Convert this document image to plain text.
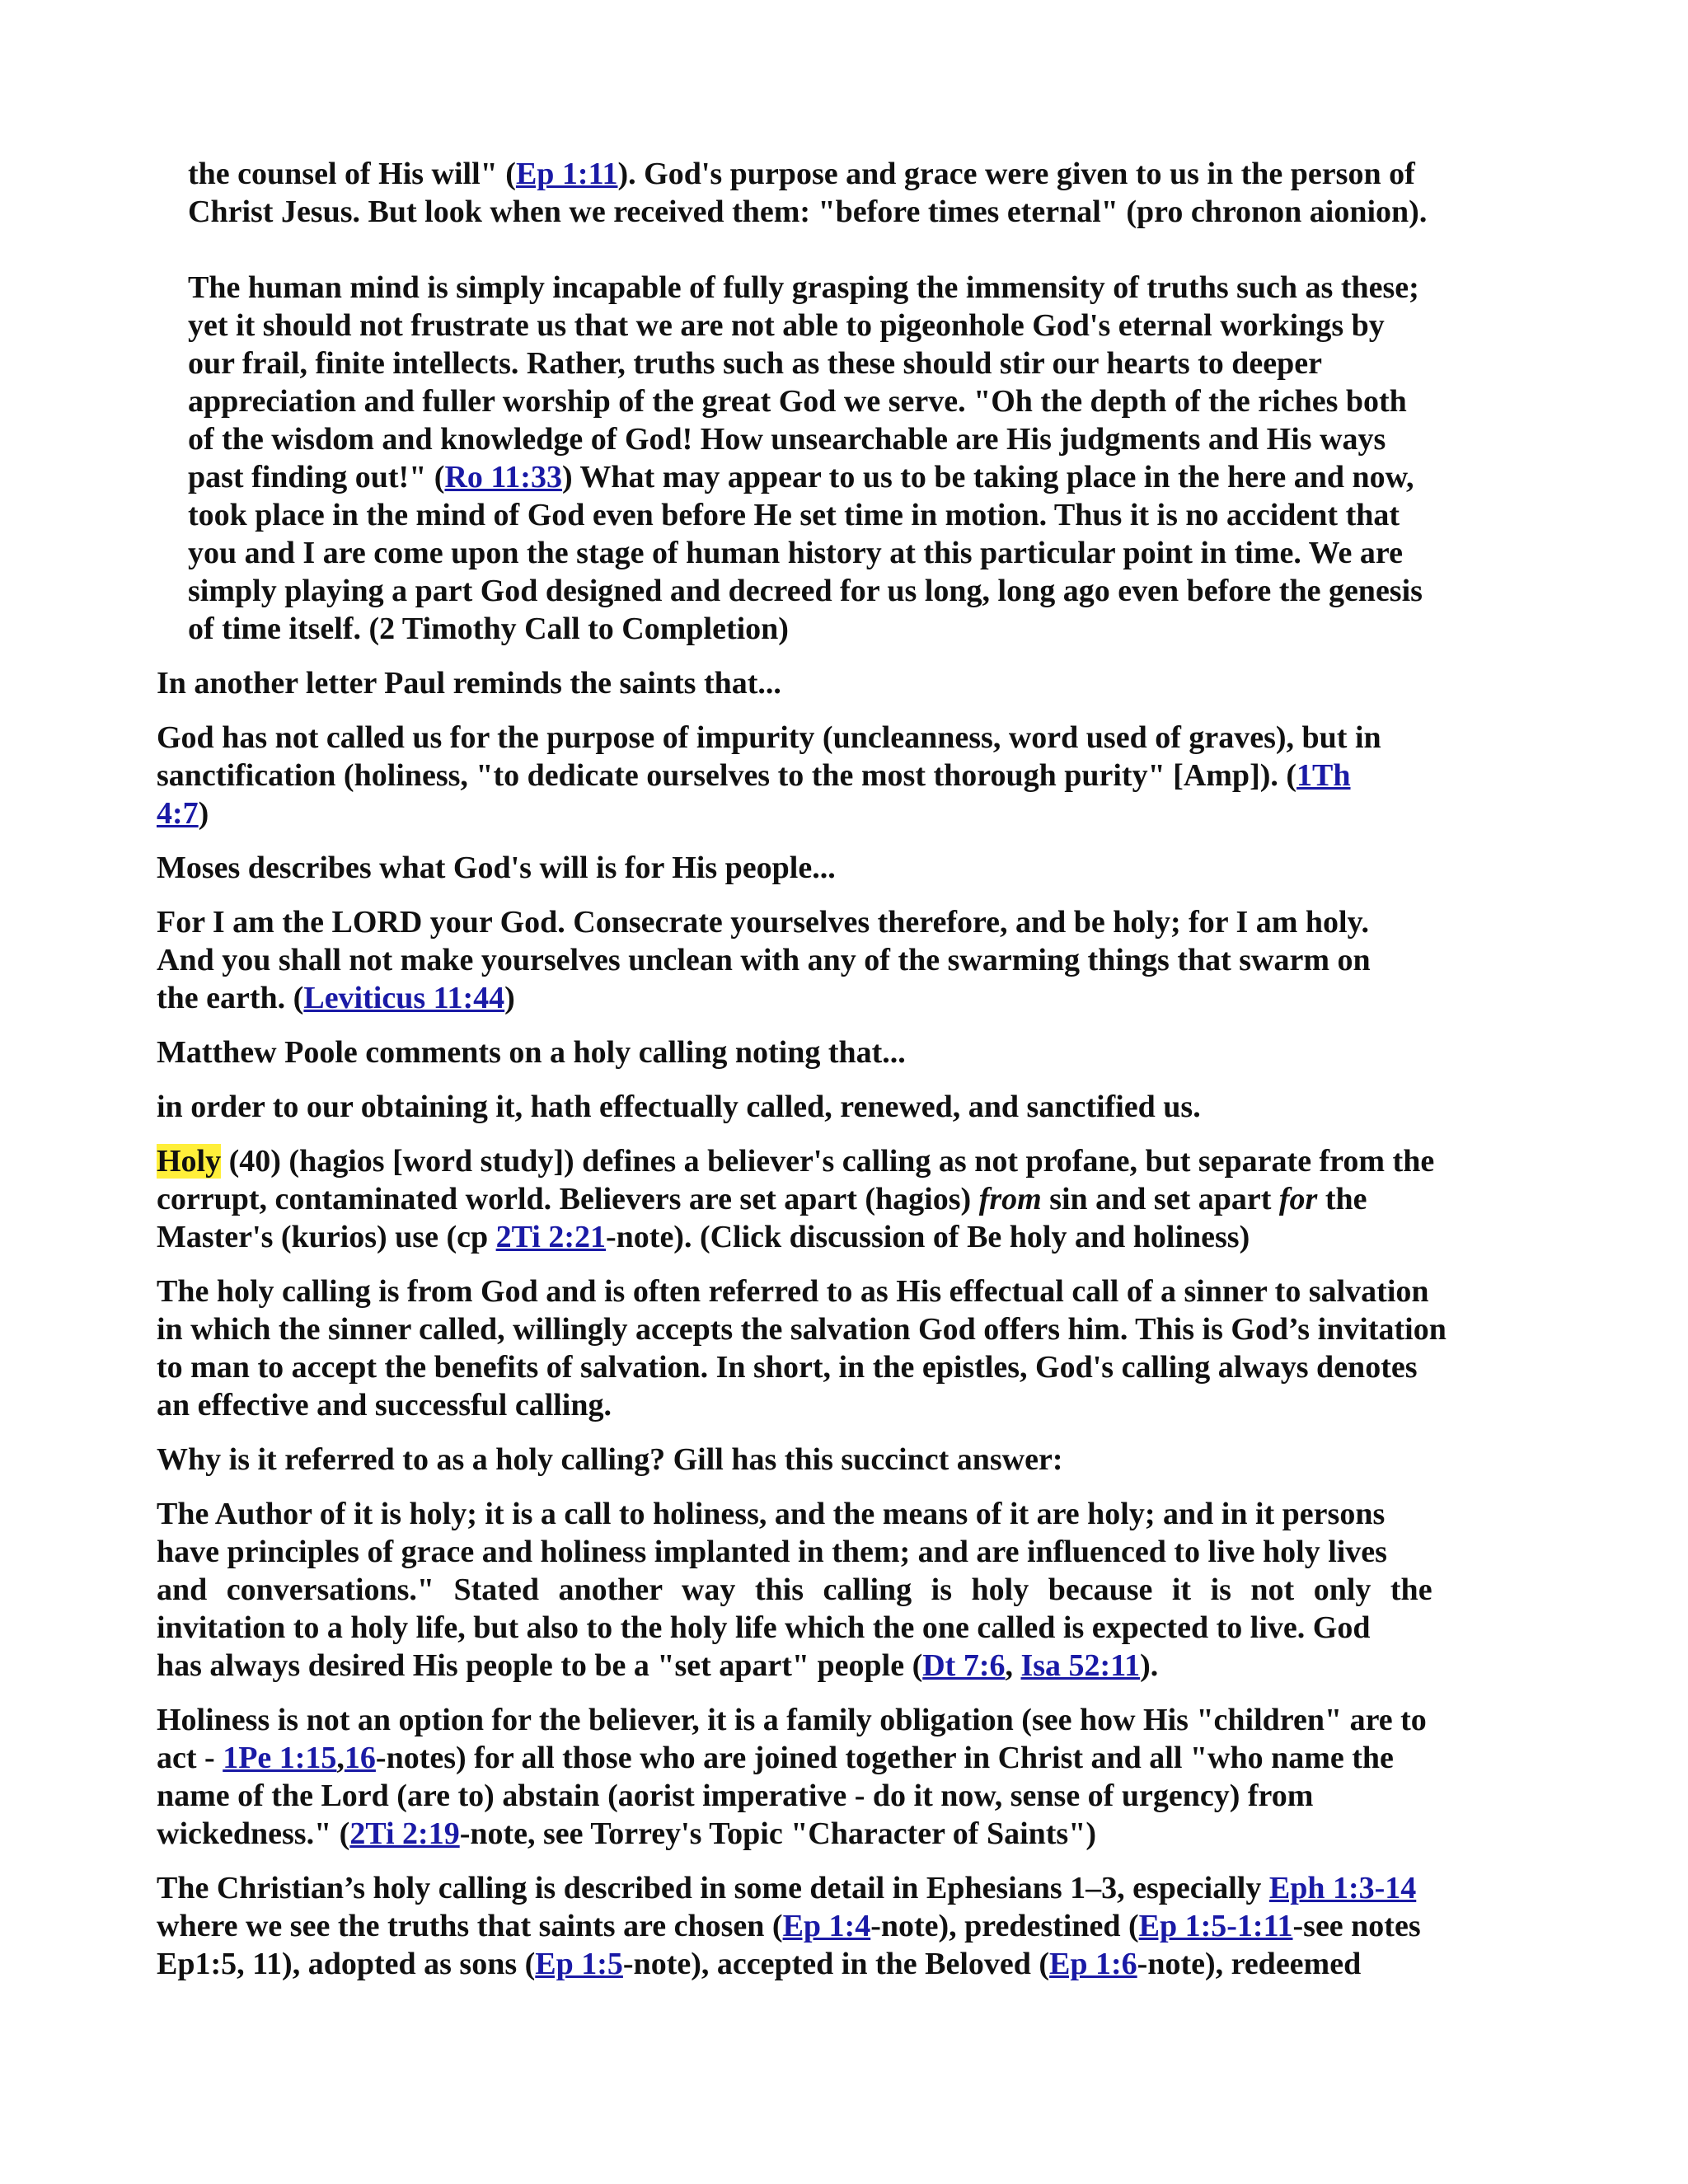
the counsel of His will" (Ep 1:11). God's purpose and grace were given to us in the person of
Christ Jesus. But look when we received them: "before times eternal" (pro chronon aionion).
The human mind is simply incapable of fully grasping the immensity of truths such as these;
yet it should not frustrate us that we are not able to pigeonhole God's eternal workings by
our frail, finite intellects. Rather, truths such as these should stir our hearts to deeper
appreciation and fuller worship of the great God we serve. "Oh the depth of the riches both
of the wisdom and knowledge of God! How unsearchable are His judgments and His ways
past finding out!" (Ro 11:33) What may appear to us to be taking place in the here and now,
took place in the mind of God even before He set time in motion. Thus it is no accident that
you and I are come upon the stage of human history at this particular point in time. We are
simply playing a part God designed and decreed for us long, long ago even before the genesis
of time itself. (2 Timothy Call to Completion)
In another letter Paul reminds the saints that...
God has not called us for the purpose of impurity (uncleanness, word used of graves), but in
sanctification (holiness, "to dedicate ourselves to the most thorough purity" [Amp]). (1Th
4:7)
Moses describes what God's will is for His people...
For I am the LORD your God. Consecrate yourselves therefore, and be holy; for I am holy.
And you shall not make yourselves unclean with any of the swarming things that swarm on
the earth. (Leviticus 11:44)
Matthew Poole comments on a holy calling noting that...
in order to our obtaining it, hath effectually called, renewed, and sanctified us.
Holy (40) (hagios [word study]) defines a believer's calling as not profane, but separate from the
corrupt, contaminated world. Believers are set apart (hagios) from sin and set apart for the
Master's (kurios) use (cp 2Ti 2:21-note). (Click discussion of Be holy and holiness)
The holy calling is from God and is often referred to as His effectual call of a sinner to salvation
in which the sinner called, willingly accepts the salvation God offers him. This is God’s invitation
to man to accept the benefits of salvation. In short, in the epistles, God's calling always denotes
an effective and successful calling.
Why is it referred to as a holy calling? Gill has this succinct answer:
The Author of it is holy; it is a call to holiness, and the means of it are holy; and in it persons
have principles of grace and holiness implanted in them; and are influenced to live holy lives
and conversations." Stated another way this calling is holy because it is not only the
invitation to a holy life, but also to the holy life which the one called is expected to live. God
has always desired His people to be a "set apart" people (Dt 7:6, Isa 52:11).
Holiness is not an option for the believer, it is a family obligation (see how His "children" are to
act - 1Pe 1:15,16-notes) for all those who are joined together in Christ and all "who name the
name of the Lord (are to) abstain (aorist imperative - do it now, sense of urgency) from
wickedness." (2Ti 2:19-note, see Torrey's Topic "Character of Saints")
The Christian’s holy calling is described in some detail in Ephesians 1–3, especially Eph 1:3-14
where we see the truths that saints are chosen (Ep 1:4-note), predestined (Ep 1:5-1:11-see notes
Ep1:5, 11), adopted as sons (Ep 1:5-note), accepted in the Beloved (Ep 1:6-note), redeemed
